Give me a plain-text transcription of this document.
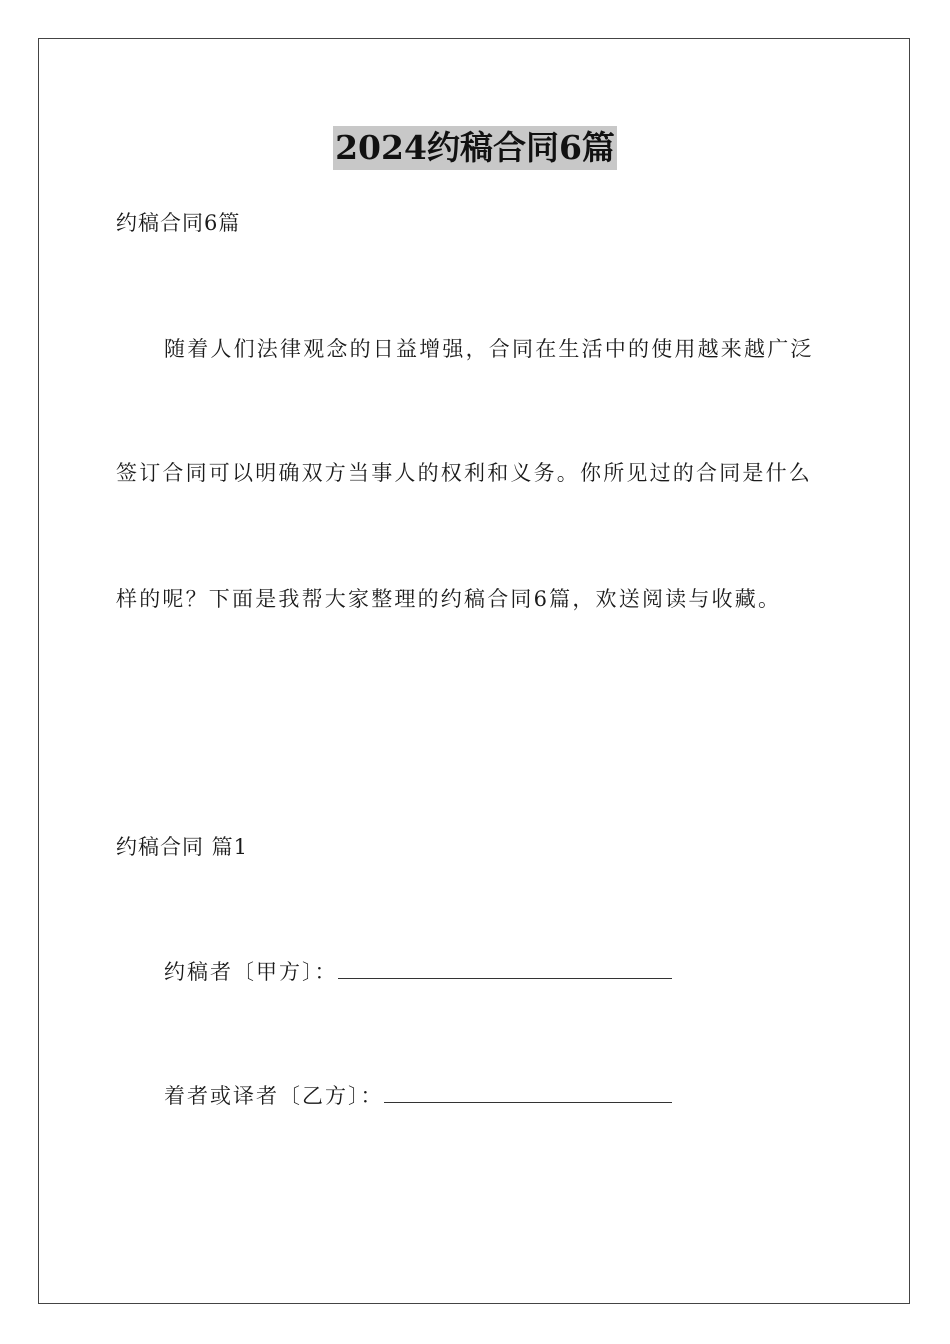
2024约稿合同6篇
约稿合同6篇
随着人们法律观念的日益增强，合同在生活中的使用越来越广泛
签订合同可以明确双方当事人的权利和义务。你所见过的合同是什么
样的呢？下面是我帮大家整理的约稿合同6篇，欢送阅读与收藏。
约稿合同 篇1
约稿者〔甲方〕：
着者或译者〔乙方〕：
